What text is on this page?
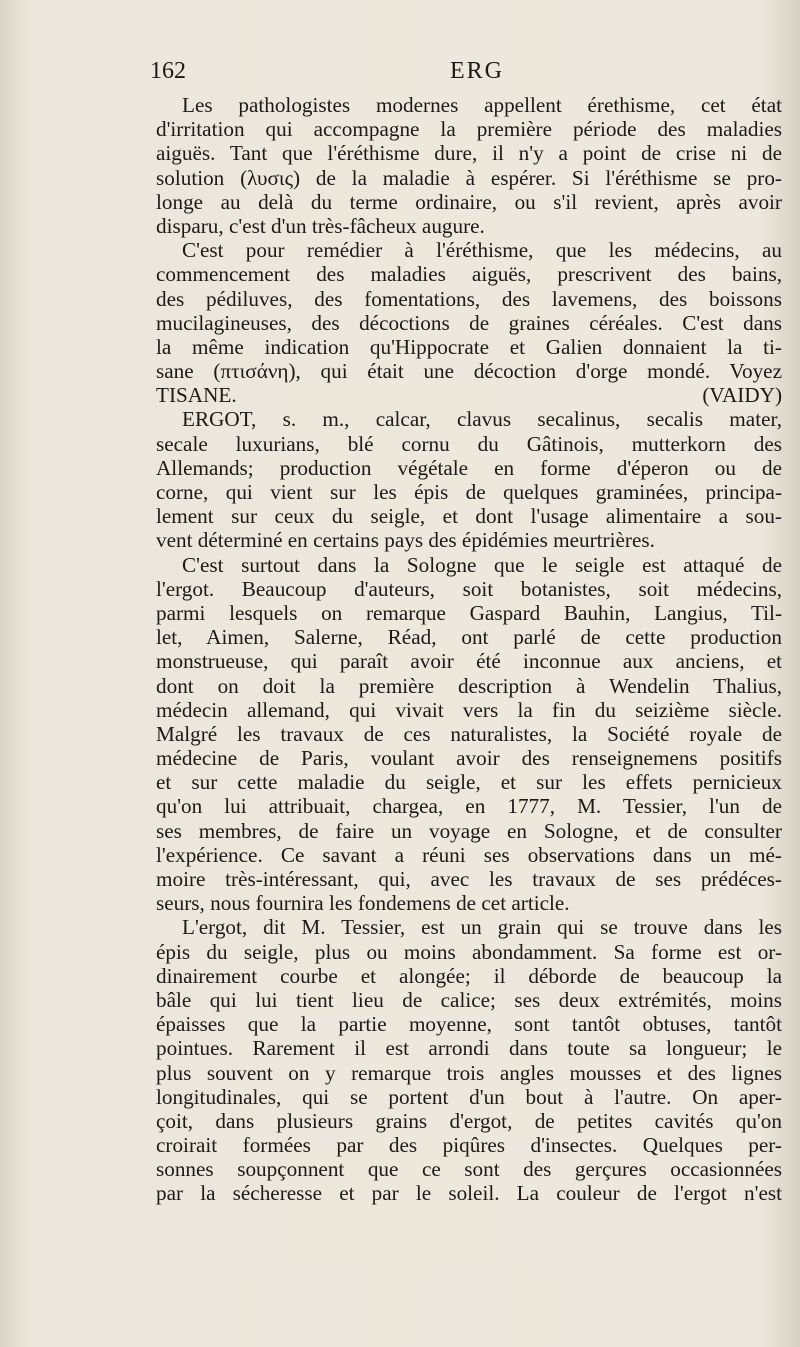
162	ERG
Les pathologistes modernes appellent érethisme, cet état
d'irritation qui accompagne la première période des maladies
aiguës. Tant que l'éréthisme dure, il n'y a point de crise ni de
solution (λυσις) de la maladie à espérer. Si l'éréthisme se pro-
longe au delà du terme ordinaire, ou s'il revient, après avoir
disparu, c'est d'un très-fâcheux augure.
C'est pour remédier à l'éréthisme, que les médecins, au
commencement des maladies aiguës, prescrivent des bains,
des pédiluves, des fomentations, des lavemens, des boissons
mucilagineuses, des décoctions de graines céréales. C'est dans
la même indication qu'Hippocrate et Galien donnaient la ti-
sane (πτισάνη), qui était une décoction d'orge mondé. Voyez
TISANE. (VAIDY)
ERGOT, s. m., calcar, clavus secalinus, secalis mater,
secale luxurians, blé cornu du Gâtinois, mutterkorn des
Allemands; production végétale en forme d'éperon ou de
corne, qui vient sur les épis de quelques graminées, principa-
lement sur ceux du seigle, et dont l'usage alimentaire a sou-
vent déterminé en certains pays des épidémies meurtrières.
C'est surtout dans la Sologne que le seigle est attaqué de
l'ergot. Beaucoup d'auteurs, soit botanistes, soit médecins,
parmi lesquels on remarque Gaspard Bauhin, Langius, Til-
let, Aimen, Salerne, Réad, ont parlé de cette production
monstrueuse, qui paraît avoir été inconnue aux anciens, et
dont on doit la première description à Wendelin Thalius,
médecin allemand, qui vivait vers la fin du seizième siècle.
Malgré les travaux de ces naturalistes, la Société royale de
médecine de Paris, voulant avoir des renseignemens positifs
et sur cette maladie du seigle, et sur les effets pernicieux
qu'on lui attribuait, chargea, en 1777, M. Tessier, l'un de
ses membres, de faire un voyage en Sologne, et de consulter
l'expérience. Ce savant a réuni ses observations dans un mé-
moire très-intéressant, qui, avec les travaux de ses prédéces-
seurs, nous fournira les fondemens de cet article.
L'ergot, dit M. Tessier, est un grain qui se trouve dans les
épis du seigle, plus ou moins abondamment. Sa forme est or-
dinairement courbe et alongée; il déborde de beaucoup la
bâle qui lui tient lieu de calice; ses deux extrémités, moins
épaisses que la partie moyenne, sont tantôt obtuses, tantôt
pointues. Rarement il est arrondi dans toute sa longueur; le
plus souvent on y remarque trois angles mousses et des lignes
longitudinales, qui se portent d'un bout à l'autre. On aper-
çoit, dans plusieurs grains d'ergot, de petites cavités qu'on
croirait formées par des piqûres d'insectes. Quelques per-
sonnes soupçonnent que ce sont des gerçures occasionnées
par la sécheresse et par le soleil. La couleur de l'ergot n'est
